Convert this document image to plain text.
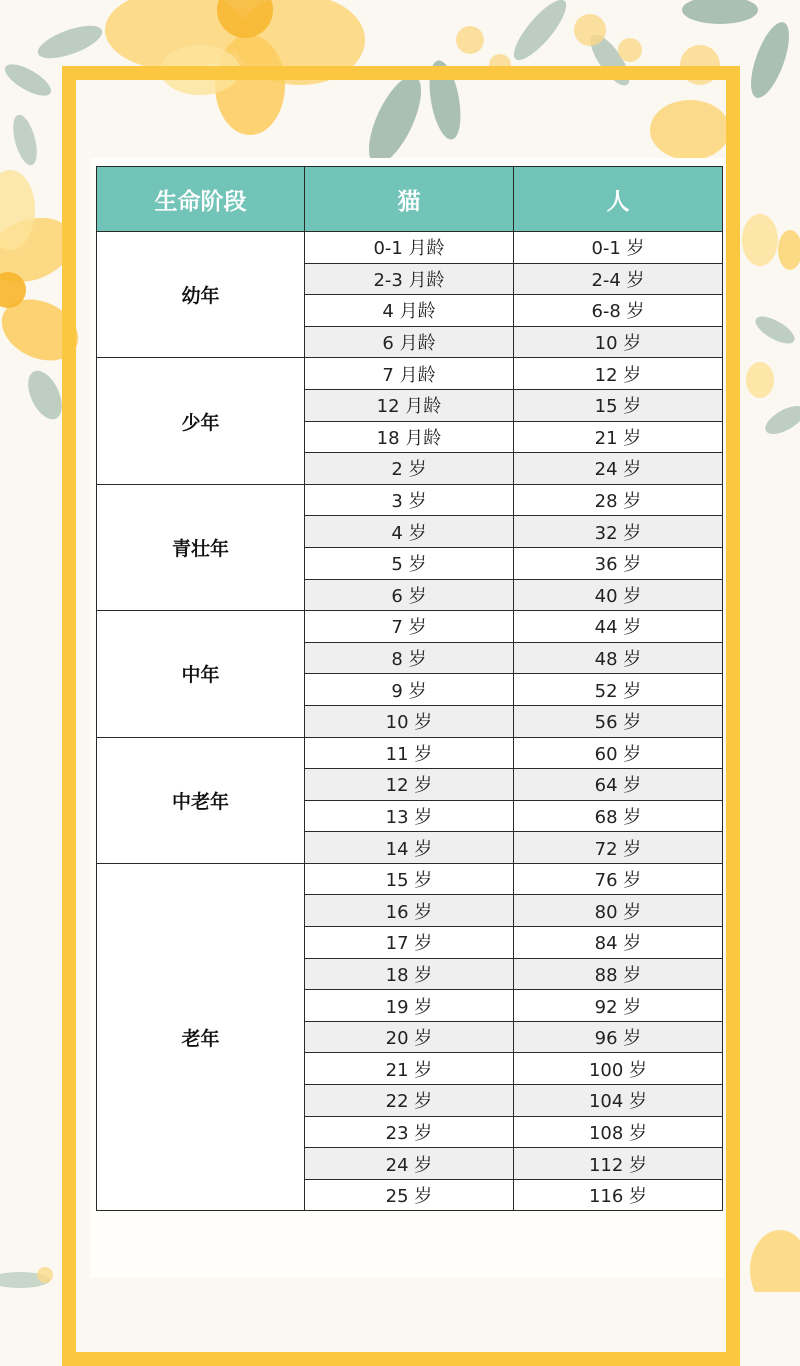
生命阶段	猫	人
幼年	0-1 月龄	0-1 岁
	2-3 月龄	2-4 岁
	4 月龄	6-8 岁
	6 月龄	10 岁
少年	7 月龄	12 岁
	12 月龄	15 岁
	18 月龄	21 岁
	2 岁	24 岁
青壮年	3 岁	28 岁
	4 岁	32 岁
	5 岁	36 岁
	6 岁	40 岁
中年	7 岁	44 岁
	8 岁	48 岁
	9 岁	52 岁
	10 岁	56 岁
中老年	11 岁	60 岁
	12 岁	64 岁
	13 岁	68 岁
	14 岁	72 岁
老年	15 岁	76 岁
	16 岁	80 岁
	17 岁	84 岁
	18 岁	88 岁
	19 岁	92 岁
	20 岁	96 岁
	21 岁	100 岁
	22 岁	104 岁
	23 岁	108 岁
	24 岁	112 岁
	25 岁	116 岁
